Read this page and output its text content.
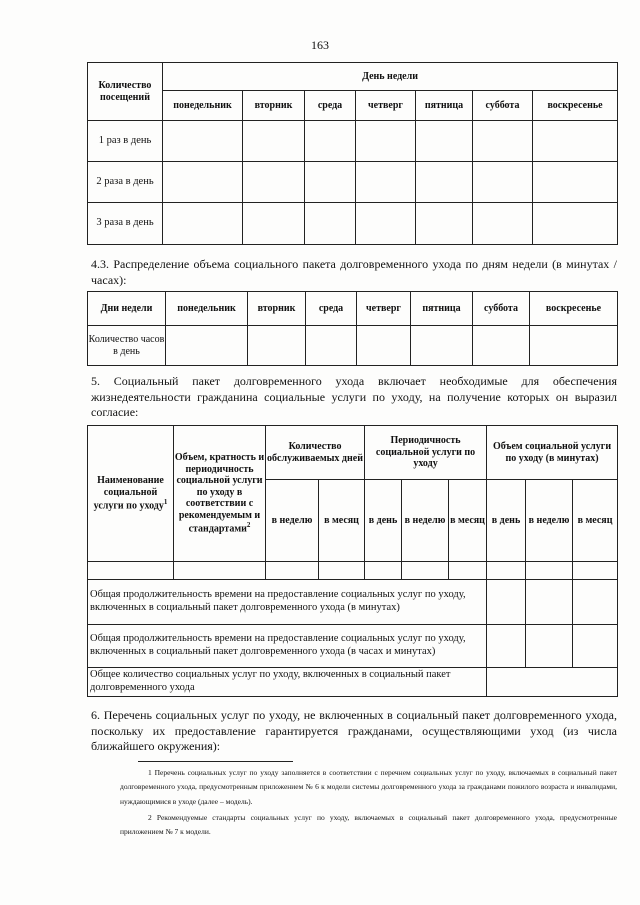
163
Количество посещений	День недели						
	понедельник	вторник	среда	четверг	пятница	суббота	воскресенье
1 раз в день							
2 раза в день							
3 раза в день							
4.3. Распределение объема социального пакета долговременного ухода по дням недели (в минутах / часах):
Дни недели	понедельник	вторник	среда	четверг	пятница	суббота	воскресенье
Количество часов в день							
5. Социальный пакет долговременного ухода включает необходимые для обеспечения жизнедеятельности гражданина социальные услуги по уходу, на получение которых он выразил согласие:
Наименование социальной услуги по уходу$^1$	Объем, кратность и периодичность социальной услуги по уходу в соответствии с рекомендуемым и стандартами$^2$	Количество обслуживаемых дней		Периодичность социальной услуги по уходу			Объем социальной услуги по уходу (в минутах)		
		в неделю	в месяц	в день	в неделю	в месяц	в день	в неделю	в месяц

Общая продолжительность времени на предоставление социальных услуг по уходу, включенных в социальный пакет долговременного ухода (в минутах)									
Общая продолжительность времени на предоставление социальных услуг по уходу, включенных в социальный пакет долговременного ухода (в часах и минутах)									
Общее количество социальных услуг по уходу, включенных в социальный пакет долговременного ухода									
6. Перечень социальных услуг по уходу, не включенных в социальный пакет долговременного ухода, поскольку их предоставление гарантируется гражданами, осуществляющими уход (из числа ближайшего окружения):
1 Перечень социальных услуг по уходу заполняется в соответствии с перечнем социальных услуг по уходу, включаемых в социальный пакет долговременного ухода, предусмотренным приложением № 6 к модели системы долговременного ухода за гражданами пожилого возраста и инвалидами, нуждающимися в уходе (далее – модель).
2 Рекомендуемые стандарты социальных услуг по уходу, включаемых в социальный пакет долговременного ухода, предусмотренные приложением № 7 к модели.
